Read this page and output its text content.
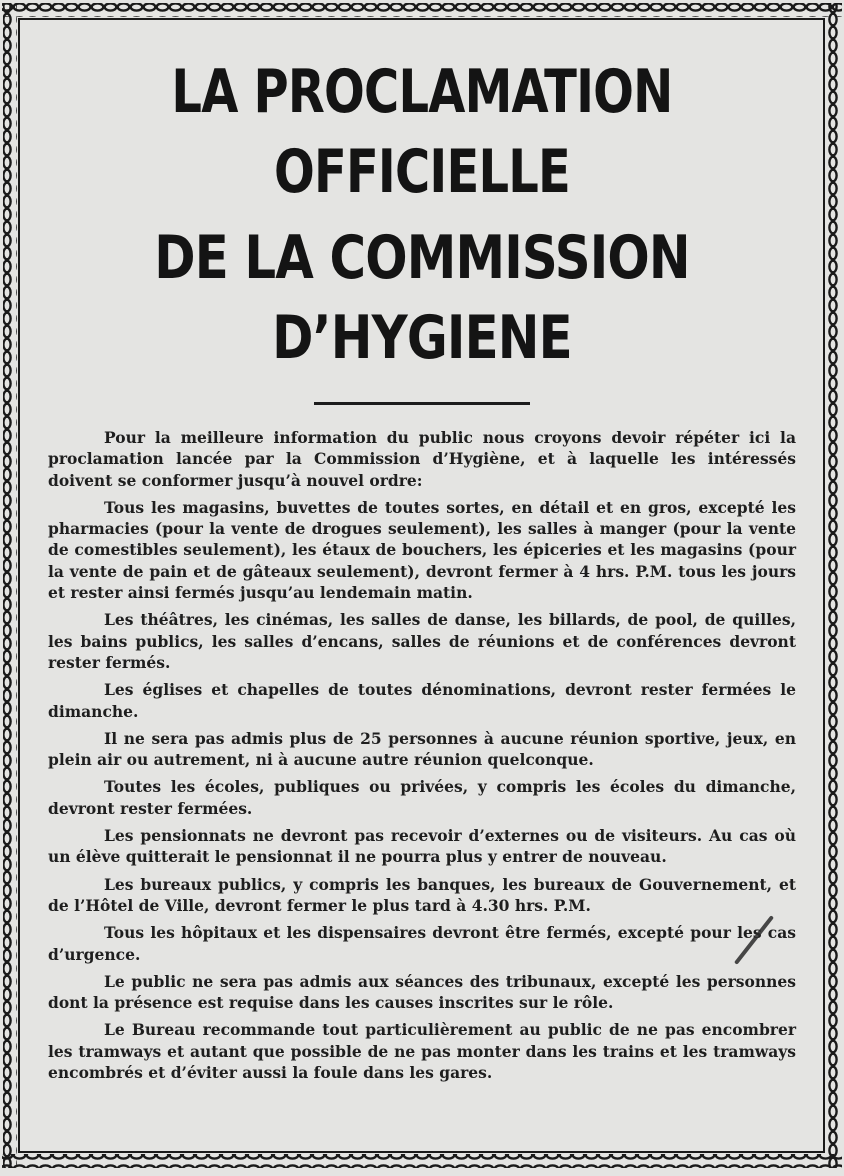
LA PROCLAMATION OFFICIELLE
DE LA COMMISSION D’HYGIENE

Pour la meilleure information du public nous croyons devoir répéter ici la proclamation lancée par la Commission d’Hygiène, et à laquelle les intéressés doivent se conformer jusqu’à nouvel ordre:

Tous les magasins, buvettes de toutes sortes, en détail et en gros, excepté les pharmacies (pour la vente de drogues seulement), les salles à manger (pour la vente de comestibles seulement), les étaux de bouchers, les épiceries et les magasins (pour la vente de pain et de gâteaux seulement), devront fermer à 4 hrs. P.M. tous les jours et rester ainsi fermés jusqu’au lendemain matin.

Les théâtres, les cinémas, les salles de danse, les billards, de pool, de quilles, les bains publics, les salles d’encans, salles de réunions et de conférences devront rester fermés.

Les églises et chapelles de toutes dénominations, devront rester fermées le dimanche.

Il ne sera pas admis plus de 25 personnes à aucune réunion sportive, jeux, en plein air ou autrement, ni à aucune autre réunion quelconque.

Toutes les écoles, publiques ou privées, y compris les écoles du dimanche, devront rester fermées.

Les pensionnats ne devront pas recevoir d’externes ou de visiteurs. Au cas où un élève quitterait le pensionnat il ne pourra plus y entrer de nouveau.

Les bureaux publics, y compris les banques, les bureaux de Gouvernement, et de l’Hôtel de Ville, devront fermer le plus tard à 4.30 hrs. P.M.

Tous les hôpitaux et les dispensaires devront être fermés, excepté pour les cas d’urgence.

Le public ne sera pas admis aux séances des tribunaux, excepté les personnes dont la présence est requise dans les causes inscrites sur le rôle.

Le Bureau recommande tout particulièrement au public de ne pas encombrer les tramways et autant que possible de ne pas monter dans les trains et les tramways encombrés et d’éviter aussi la foule dans les gares.
